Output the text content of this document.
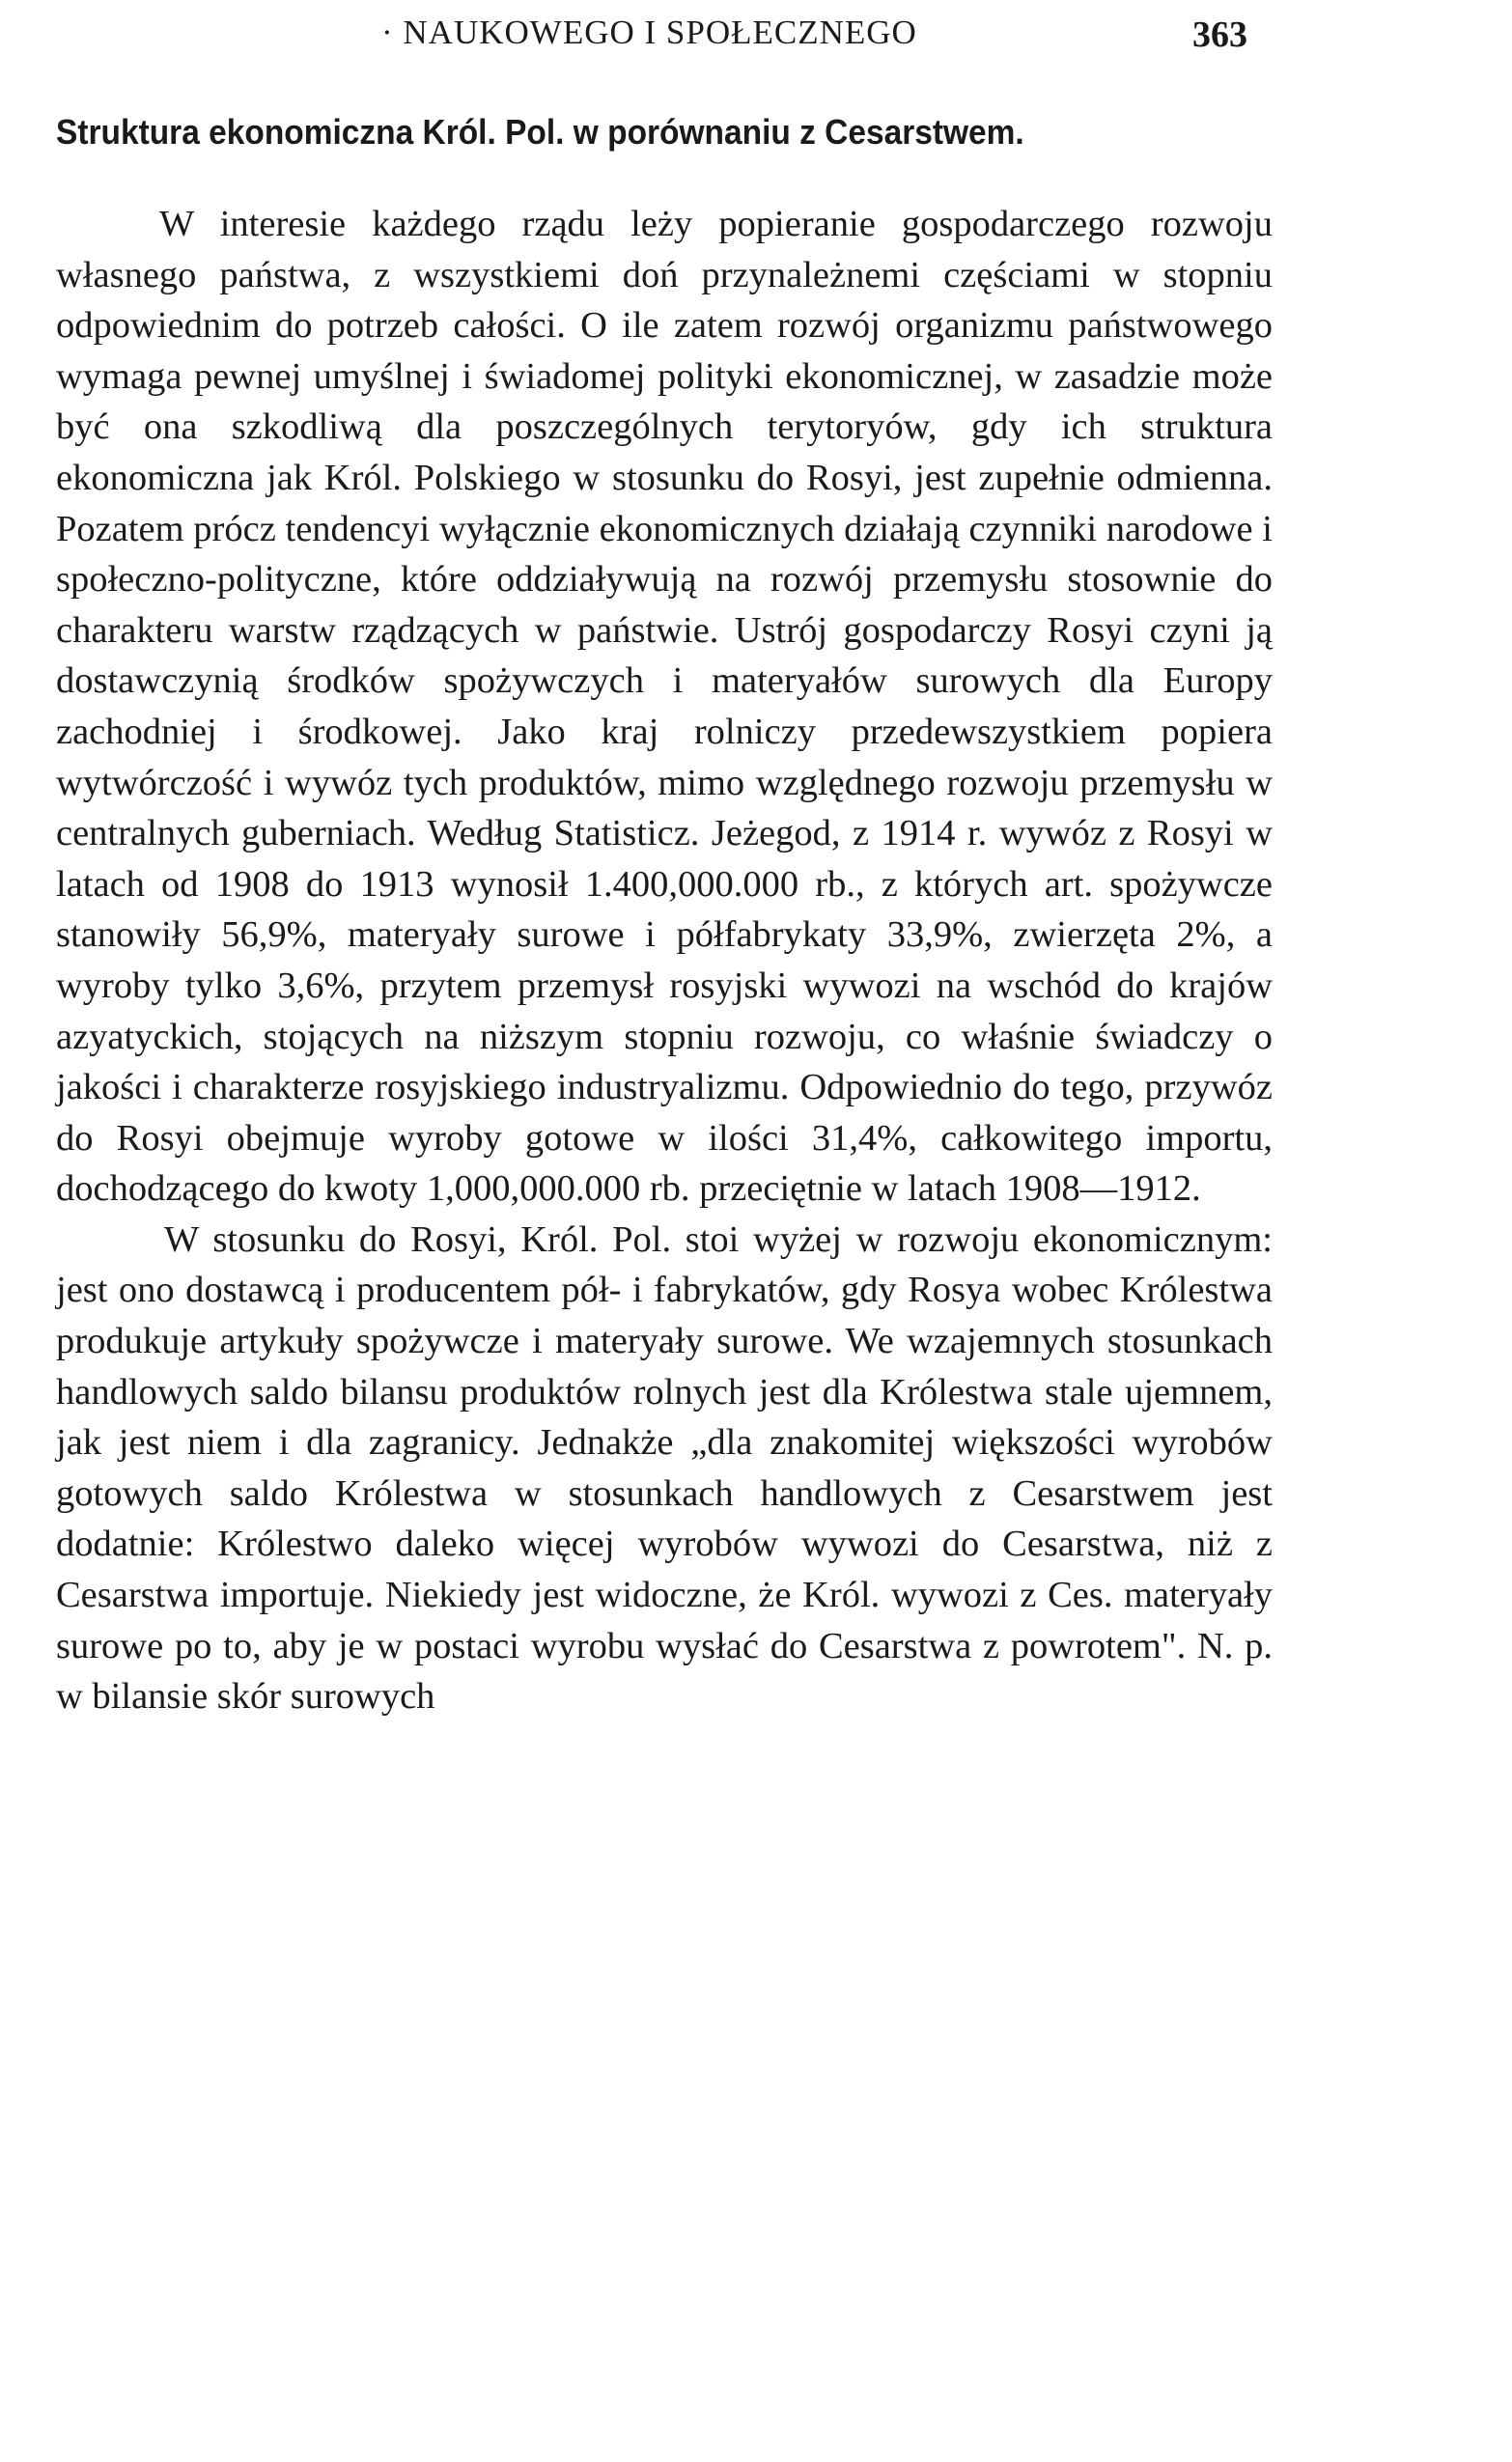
· NAUKOWEGO I SPOŁECZNEGO	363
Struktura ekonomiczna Król. Pol. w porównaniu z Cesarstwem.

W interesie każdego rządu leży popieranie gospodarczego rozwoju własnego państwa, z wszystkiemi doń przynależnemi częściami w stopniu odpowiednim do potrzeb całości. O ile zatem rozwój organizmu państwowego wymaga pewnej umyślnej i świadomej polityki ekonomicznej, w zasadzie może być ona szkodliwą dla poszczególnych terytoryów, gdy ich struktura ekonomiczna jak Król. Polskiego w stosunku do Rosyi, jest zupełnie odmienna. Pozatem prócz tendencyi wyłącznie ekonomicznych działają czynniki narodowe i społeczno-polityczne, które oddziaływują na rozwój przemysłu stosownie do charakteru warstw rządzących w państwie. Ustrój gospodarczy Rosyi czyni ją dostawczynią środków spożywczych i materyałów surowych dla Europy zachodniej i środkowej. Jako kraj rolniczy przedewszystkiem popiera wytwórczość i wywóz tych produktów, mimo względnego rozwoju przemysłu w centralnych guberniach. Według Statisticz. Jeżegod, z 1914 r. wywóz z Rosyi w latach od 1908 do 1913 wynosił 1.400,000.000 rb., z których art. spożywcze stanowiły 56,9%, materyały surowe i półfabrykaty 33,9%, zwierzęta 2%, a wyroby tylko 3,6%, przytem przemysł rosyjski wywozi na wschód do krajów azyatyckich, stojących na niższym stopniu rozwoju, co właśnie świadczy o jakości i charakterze rosyjskiego industryalizmu. Odpowiednio do tego, przywóz do Rosyi obejmuje wyroby gotowe w ilości 31,4%, całkowitego importu, dochodzącego do kwoty 1,000,000.000 rb. przeciętnie w latach 1908—1912.

W stosunku do Rosyi, Król. Pol. stoi wyżej w rozwoju ekonomicznym: jest ono dostawcą i producentem pół- i fabrykatów, gdy Rosya wobec Królestwa produkuje artykuły spożywcze i materyały surowe. We wzajemnych stosunkach handlowych saldo bilansu produktów rolnych jest dla Królestwa stale ujemnem, jak jest niem i dla zagranicy. Jednakże „dla znakomitej większości wyrobów gotowych saldo Królestwa w stosunkach handlowych z Cesarstwem jest dodatnie: Królestwo daleko więcej wyrobów wywozi do Cesarstwa, niż z Cesarstwa importuje. Niekiedy jest widoczne, że Król. wywozi z Ces. materyały surowe po to, aby je w postaci wyrobu wysłać do Cesarstwa z powrotem". N. p. w bilansie skór surowych
